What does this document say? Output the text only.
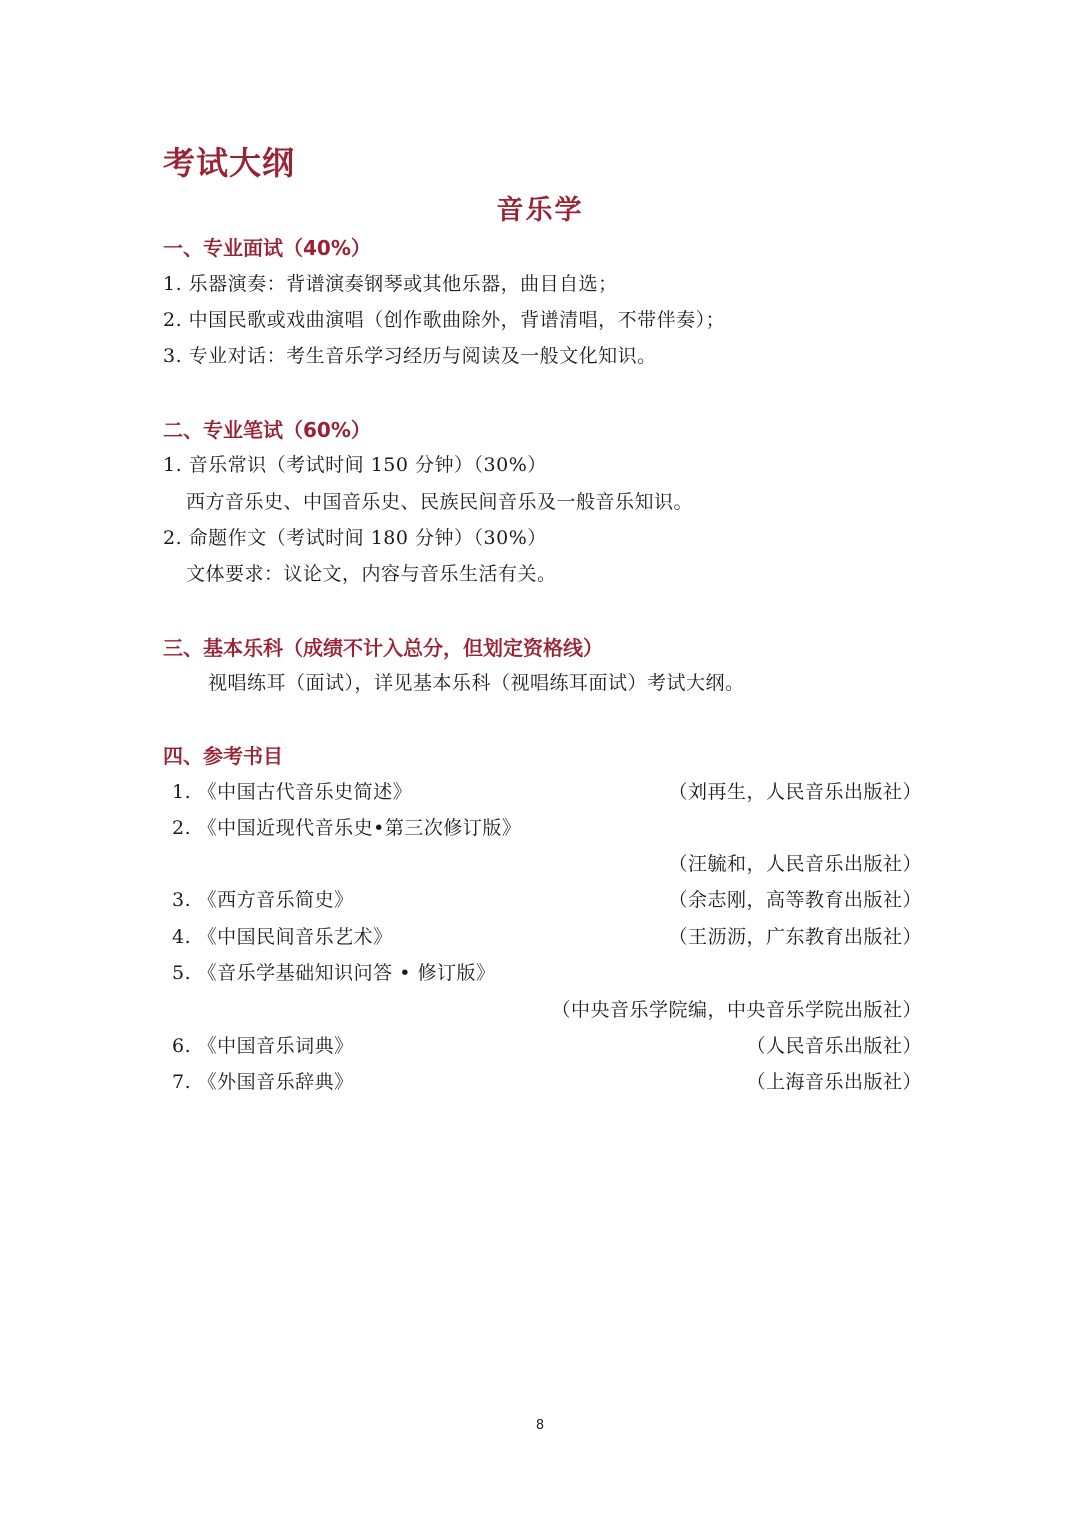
考试大纲
音乐学
一、专业面试（40%）
1. 乐器演奏：背谱演奏钢琴或其他乐器，曲目自选；
2. 中国民歌或戏曲演唱（创作歌曲除外，背谱清唱，不带伴奏）；
3. 专业对话：考生音乐学习经历与阅读及一般文化知识。
二、专业笔试（60%）
1. 音乐常识（考试时间 150 分钟）（30%）
西方音乐史、中国音乐史、民族民间音乐及一般音乐知识。
2. 命题作文（考试时间 180 分钟）（30%）
文体要求：议论文，内容与音乐生活有关。
三、基本乐科（成绩不计入总分，但划定资格线）
视唱练耳（面试），详见基本乐科（视唱练耳面试）考试大纲。
四、参考书目
1. 《中国古代音乐史简述》	（刘再生，人民音乐出版社）
2. 《中国近现代音乐史•第三次修订版》
（汪毓和，人民音乐出版社）
3. 《西方音乐简史》	（余志刚，高等教育出版社）
4. 《中国民间音乐艺术》	（王沥沥，广东教育出版社）
5. 《音乐学基础知识问答 • 修订版》
（中央音乐学院编，中央音乐学院出版社）
6. 《中国音乐词典》	（人民音乐出版社）
7. 《外国音乐辞典》	（上海音乐出版社）
8
